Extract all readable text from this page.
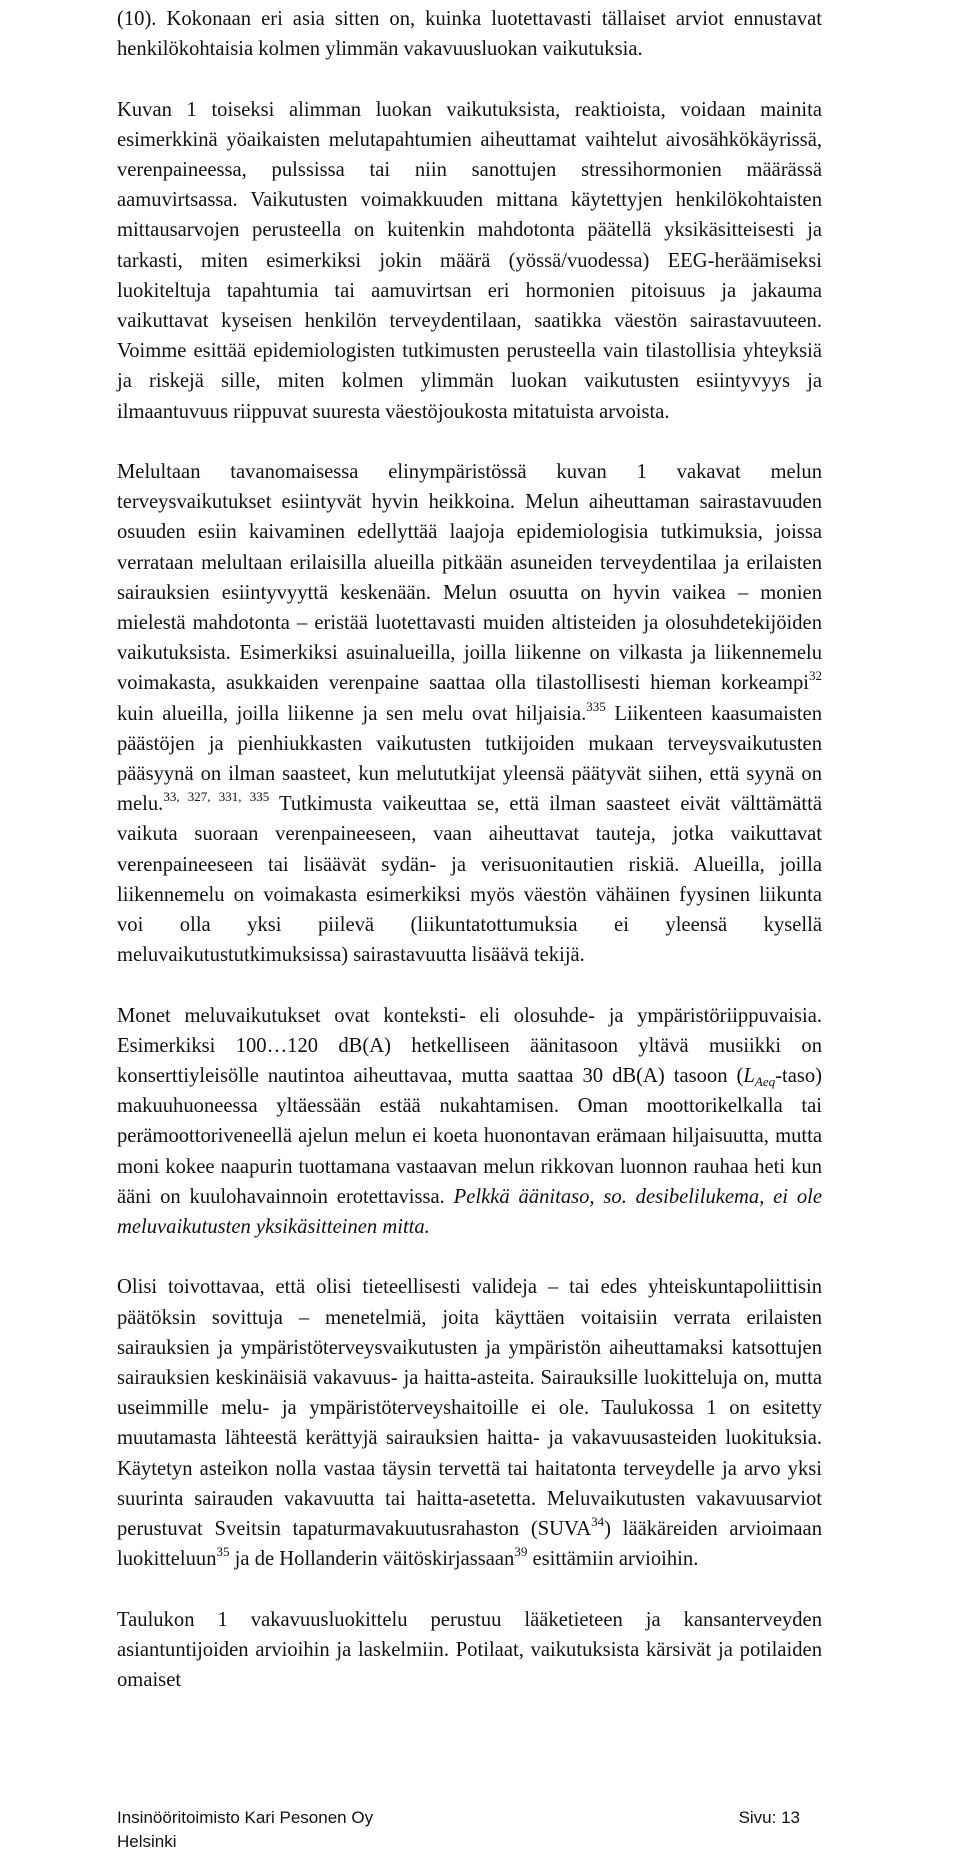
(10). Kokonaan eri asia sitten on, kuinka luotettavasti tällaiset arviot ennustavat henkilökohtaisia kolmen ylimmän vakavuusluokan vaikutuksia.

Kuvan 1 toiseksi alimman luokan vaikutuksista, reaktioista, voidaan mainita esimerkkinä yöaikaisten melutapahtumien aiheuttamat vaihtelut aivosähkökäyrissä, verenpaineessa, pulssissa tai niin sanottujen stressihormonien määrässä aamuvirtsassa. Vaikutusten voimakkuuden mittana käytettyjen henkilökohtaisten mittausarvojen perusteella on kuitenkin mahdotonta päätellä yksikäsitteisesti ja tarkasti, miten esimerkiksi jokin määrä (yössä/vuodessa) EEG-heräämiseksi luokiteltuja tapahtumia tai aamuvirtsan eri hormonien pitoisuus ja jakauma vaikuttavat kyseisen henkilön terveydentilaan, saatikka väestön sairastavuuteen. Voimme esittää epidemiologisten tutkimusten perusteella vain tilastollisia yhteyksiä ja riskejä sille, miten kolmen ylimmän luokan vaikutusten esiintyvyys ja ilmaantuvuus riippuvat suuresta väestöjoukosta mitatuista arvoista.

Melultaan tavanomaisessa elinympäristössä kuvan 1 vakavat melun terveysvaikutukset esiintyvät hyvin heikkoina. Melun aiheuttaman sairastavuuden osuuden esiin kaivaminen edellyttää laajoja epidemiologisia tutkimuksia, joissa verrataan melultaan erilaisilla alueilla pitkään asuneiden terveydentilaa ja erilaisten sairauksien esiintyvyyttä keskenään. Melun osuutta on hyvin vaikea – monien mielestä mahdotonta – eristää luotettavasti muiden altisteiden ja olosuhdetekijöiden vaikutuksista. Esimerkiksi asuinalueilla, joilla liikenne on vilkasta ja liikennemelu voimakasta, asukkaiden verenpaine saattaa olla tilastollisesti hieman korkeampi$^{32}$ kuin alueilla, joilla liikenne ja sen melu ovat hiljaisia.$^{335}$ Liikenteen kaasumaisten päästöjen ja pienhiukkasten vaikutusten tutkijoiden mukaan terveysvaikutusten pääsyynä on ilman saasteet, kun melututkijat yleensä päätyvät siihen, että syynä on melu.$^{33, 327, 331, 335}$ Tutkimusta vaikeuttaa se, että ilman saasteet eivät välttämättä vaikuta suoraan verenpaineeseen, vaan aiheuttavat tauteja, jotka vaikuttavat verenpaineeseen tai lisäävät sydän- ja verisuonitautien riskiä. Alueilla, joilla liikennemelu on voimakasta esimerkiksi myös väestön vähäinen fyysinen liikunta voi olla yksi piilevä (liikuntatottumuksia ei yleensä kysellä meluvaikutustutkimuksissa) sairastavuutta lisäävä tekijä.

Monet meluvaikutukset ovat konteksti- eli olosuhde- ja ympäristöriippuvaisia. Esimerkiksi 100…120 dB(A) hetkelliseen äänitasoon yltävä musiikki on konserttiyleisölle nautintoa aiheuttavaa, mutta saattaa 30 dB(A) tasoon $(L_{Aeq}-taso)$ makuuhuoneessa yltäessään estää nukahtamisen. Oman moottorikelkalla tai perämoottoriveneellä ajelun melun ei koeta huonontavan erämaan hiljaisuutta, mutta moni kokee naapurin tuottamana vastaavan melun rikkovan luonnon rauhaa heti kun ääni on kuulohavainnoin erotettavissa. Pelkkä äänitaso, so. desibelilukema, ei ole meluvaikutusten yksikäsitteinen mitta.

Olisi toivottavaa, että olisi tieteellisesti valideja – tai edes yhteiskuntapoliittisin päätöksin sovittuja – menetelmiä, joita käyttäen voitaisiin verrata erilaisten sairauksien ja ympäristöterveysvaikutusten ja ympäristön aiheuttamaksi katsottujen sairauksien keskinäisiä vakavuus- ja haitta-asteita. Sairauksille luokitteluja on, mutta useimmille melu- ja ympäristöterveyshaitoille ei ole. Taulukossa 1 on esitetty muutamasta lähteestä kerättyjä sairauksien haitta- ja vakavuusasteiden luokituksia. Käytetyn asteikon nolla vastaa täysin tervettä tai haitatonta terveydelle ja arvo yksi suurinta sairauden vakavuutta tai haitta-asetetta. Meluvaikutusten vakavuusarviot perustuvat Sveitsin tapaturmavakuutusrahaston (SUVA$^{34}$) lääkäreiden arvioimaan luokitteluun$^{35}$ ja de Hollanderin väitöskirjassaan$^{39}$ esittämiin arvioihin.

Taulukon 1 vakavuusluokittelu perustuu lääketieteen ja kansanterveyden asiantuntijoiden arvioihin ja laskelmiin. Potilaat, vaikutuksista kärsivät ja potilaiden omaiset

Insinööritoimisto Kari Pesonen Oy	Sivu: 13
Helsinki
